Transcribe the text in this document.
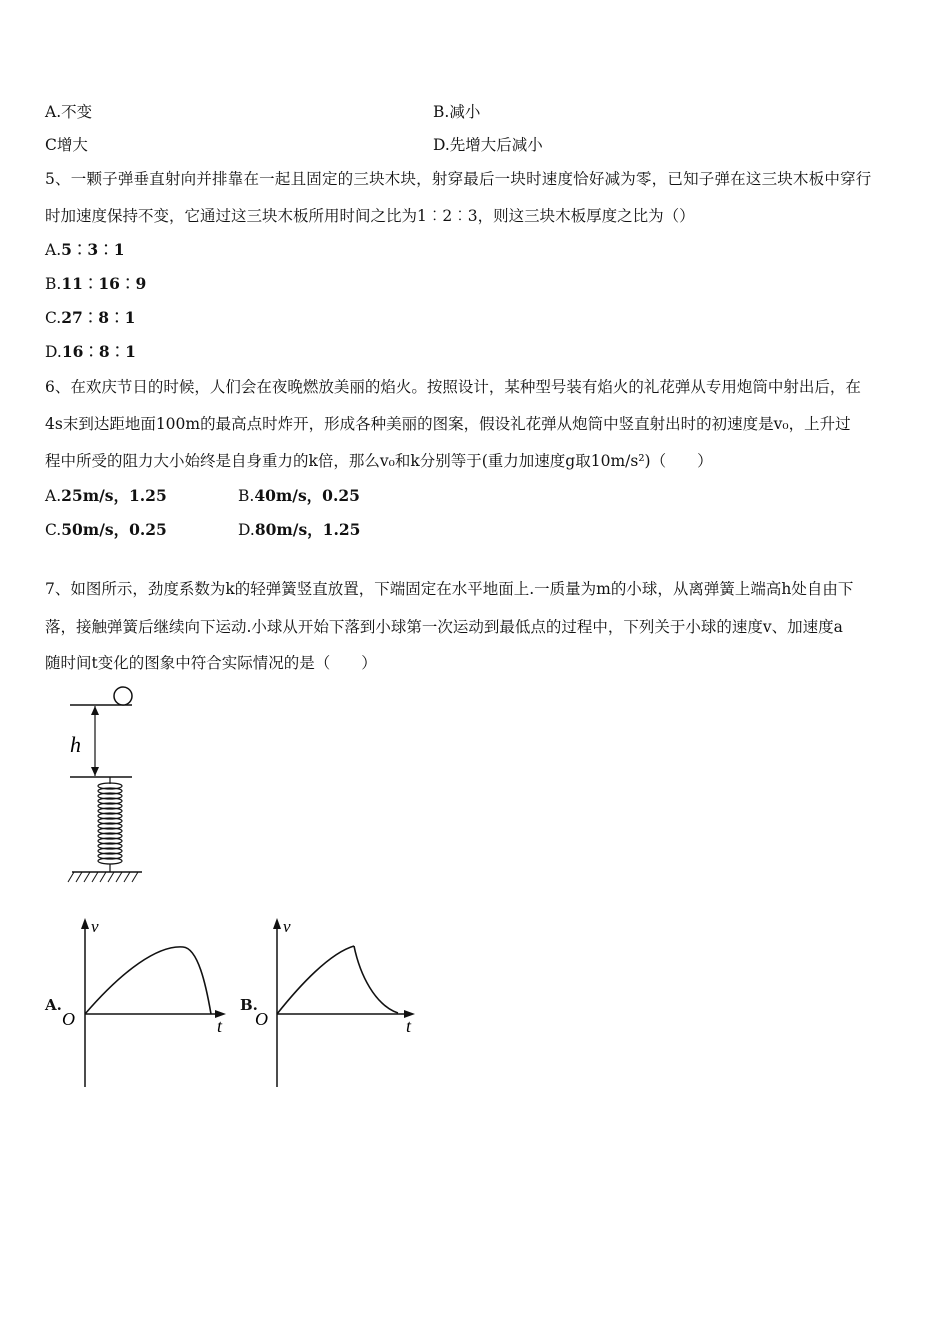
A.不变	B.减小
C增大	D.先增大后减小
5、一颗子弹垂直射向并排靠在一起且固定的三块木块，射穿最后一块时速度恰好减为零，已知子弹在这三块木板中穿行
时加速度保持不变，它通过这三块木板所用时间之比为1︰2︰3，则这三块木板厚度之比为（）
A.5︰3︰1
B.11︰16︰9
C.27︰8︰1
D.16︰8︰1
6、在欢庆节日的时候，人们会在夜晚燃放美丽的焰火。按照设计，某种型号装有焰火的礼花弹从专用炮筒中射出后，在
4s末到达距地面100m的最高点时炸开，形成各种美丽的图案，假设礼花弹从炮筒中竖直射出时的初速度是v₀，上升过
程中所受的阻力大小始终是自身重力的k倍，那么v₀和k分别等于(重力加速度g取10m/s²)（　　）
A.25m/s，1.25	B.40m/s，0.25
C.50m/s，0.25	D.80m/s，1.25
7、如图所示，劲度系数为k的轻弹簧竖直放置，下端固定在水平地面上.一质量为m的小球，从离弹簧上端高h处自由下
落，接触弹簧后继续向下运动.小球从开始下落到小球第一次运动到最低点的过程中，下列关于小球的速度v、加速度a
随时间t变化的图象中符合实际情况的是（　　）
h
A.
v
O	t
B.
v
O	t
